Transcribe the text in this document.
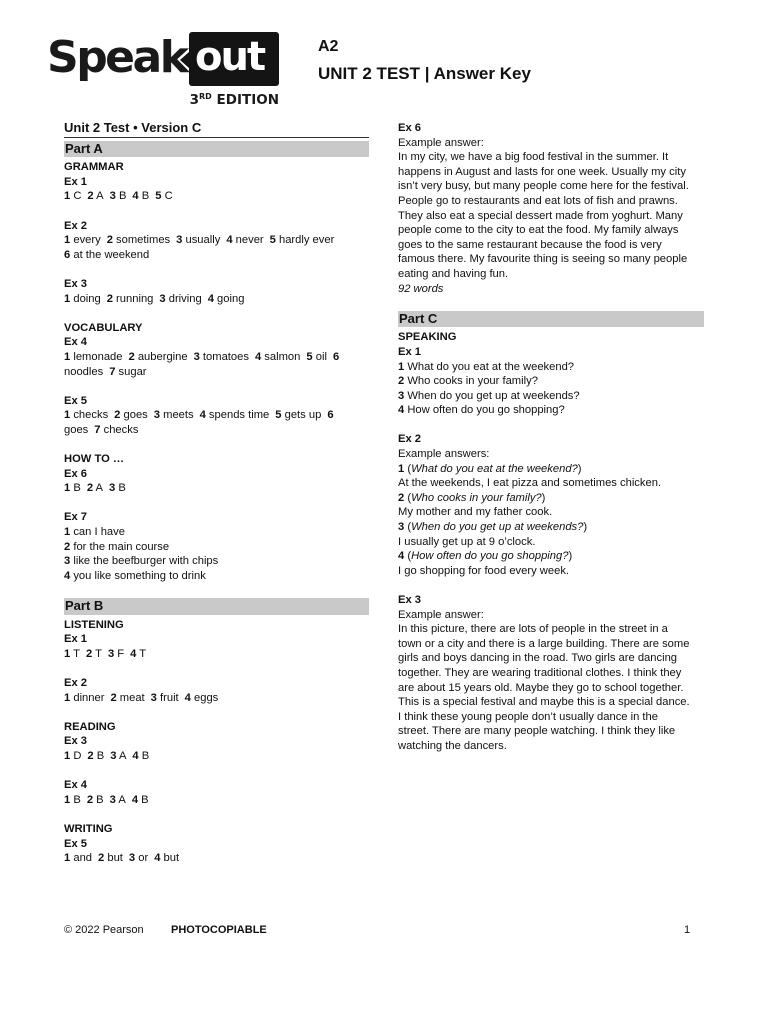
Speak out
3RD EDITION
A2
UNIT 2 TEST | Answer Key
Unit 2 Test • Version C
Part A
GRAMMAR
Ex 1
1 C 2 A 3 B 4 B 5 C
Ex 2
1 every 2 sometimes 3 usually 4 never 5 hardly ever
6 at the weekend
Ex 3
1 doing 2 running 3 driving 4 going
VOCABULARY
Ex 4
1 lemonade 2 aubergine 3 tomatoes 4 salmon 5 oil 6
noodles 7 sugar
Ex 5
1 checks 2 goes 3 meets 4 spends time 5 gets up 6
goes 7 checks
HOW TO …
Ex 6
1 B 2 A 3 B
Ex 7
1 can I have
2 for the main course
3 like the beefburger with chips
4 you like something to drink
Part B
LISTENING
Ex 1
1 T 2 T 3 F 4 T
Ex 2
1 dinner 2 meat 3 fruit 4 eggs
READING
Ex 3
1 D 2 B 3 A 4 B
Ex 4
1 B 2 B 3 A 4 B
WRITING
Ex 5
1 and 2 but 3 or 4 but
Ex 6
Example answer:
In my city, we have a big food festival in the summer. It
happens in August and lasts for one week. Usually my city
isn’t very busy, but many people come here for the festival.
People go to restaurants and eat lots of fish and prawns.
They also eat a special dessert made from yoghurt. Many
people come to the city to eat the food. My family always
goes to the same restaurant because the food is very
famous there. My favourite thing is seeing so many people
eating and having fun.
92 words
Part C
SPEAKING
Ex 1
1 What do you eat at the weekend?
2 Who cooks in your family?
3 When do you get up at weekends?
4 How often do you go shopping?
Ex 2
Example answers:
1 (What do you eat at the weekend?)
At the weekends, I eat pizza and sometimes chicken.
2 (Who cooks in your family?)
My mother and my father cook.
3 (When do you get up at weekends?)
I usually get up at 9 o’clock.
4 (How often do you go shopping?)
I go shopping for food every week.
Ex 3
Example answer:
In this picture, there are lots of people in the street in a
town or a city and there is a large building. There are some
girls and boys dancing in the road. Two girls are dancing
together. They are wearing traditional clothes. I think they
are about 15 years old. Maybe they go to school together.
This is a special festival and maybe this is a special dance.
I think these young people don’t usually dance in the
street. There are many people watching. I think they like
watching the dancers.
© 2022 Pearson PHOTOCOPIABLE	1
